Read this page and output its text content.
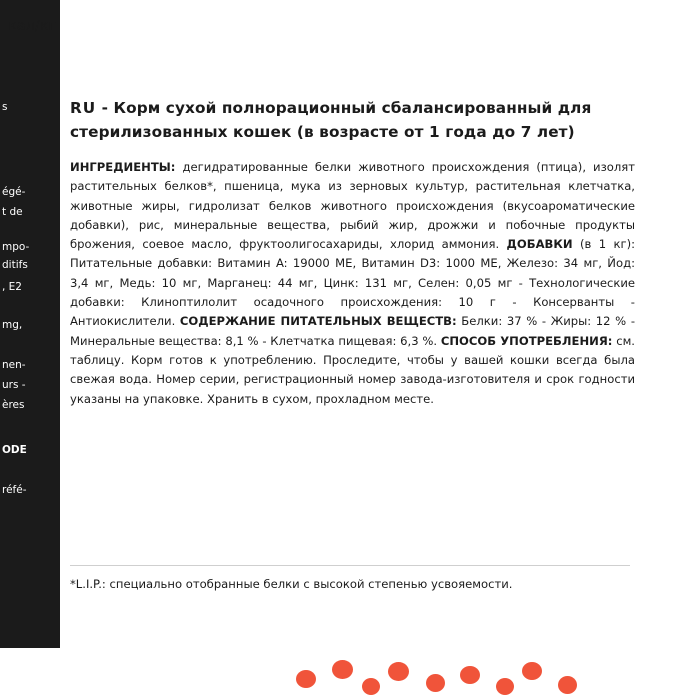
кал/кг
s
égé-
t de
mpo-
ditifs
, E2
mg,
nen-
urs -
ères
ODE
réfé-
RU - Корм сухой полнорационный сбалансированный для стерилизованных кошек (в возрасте от 1 года до 7 лет)

ИНГРЕДИЕНТЫ: дегидратированные белки животного происхождения (птица), изолят растительных белков*, пшеница, мука из зерновых культур, растительная клетчатка, животные жиры, гидролизат белков животного происхождения (вкусоароматические добавки), рис, минеральные вещества, рыбий жир, дрожжи и побочные продукты брожения, соевое масло, фруктоолигосахариды, хлорид аммония. ДОБАВКИ (в 1 кг): Питательные добавки: Витамин A: 19000 МЕ, Витамин D3: 1000 МЕ, Железо: 34 мг, Йод: 3,4 мг, Медь: 10 мг, Марганец: 44 мг, Цинк: 131 мг, Селен: 0,05 мг - Технологические добавки: Клиноптилолит осадочного происхождения: 10 г - Консерванты - Антиокислители. СОДЕРЖАНИЕ ПИТАТЕЛЬНЫХ ВЕЩЕСТВ: Белки: 37 % - Жиры: 12 % - Минеральные вещества: 8,1 % - Клетчатка пищевая: 6,3 %. СПОСОБ УПОТРЕБЛЕНИЯ: см. таблицу. Корм готов к употреблению. Проследите, чтобы у вашей кошки всегда была свежая вода. Номер серии, регистрационный номер завода-изготовителя и срок годности указаны на упаковке. Хранить в сухом, прохладном месте.

*L.I.P.: специально отобранные белки с высокой степенью усвояемости.
